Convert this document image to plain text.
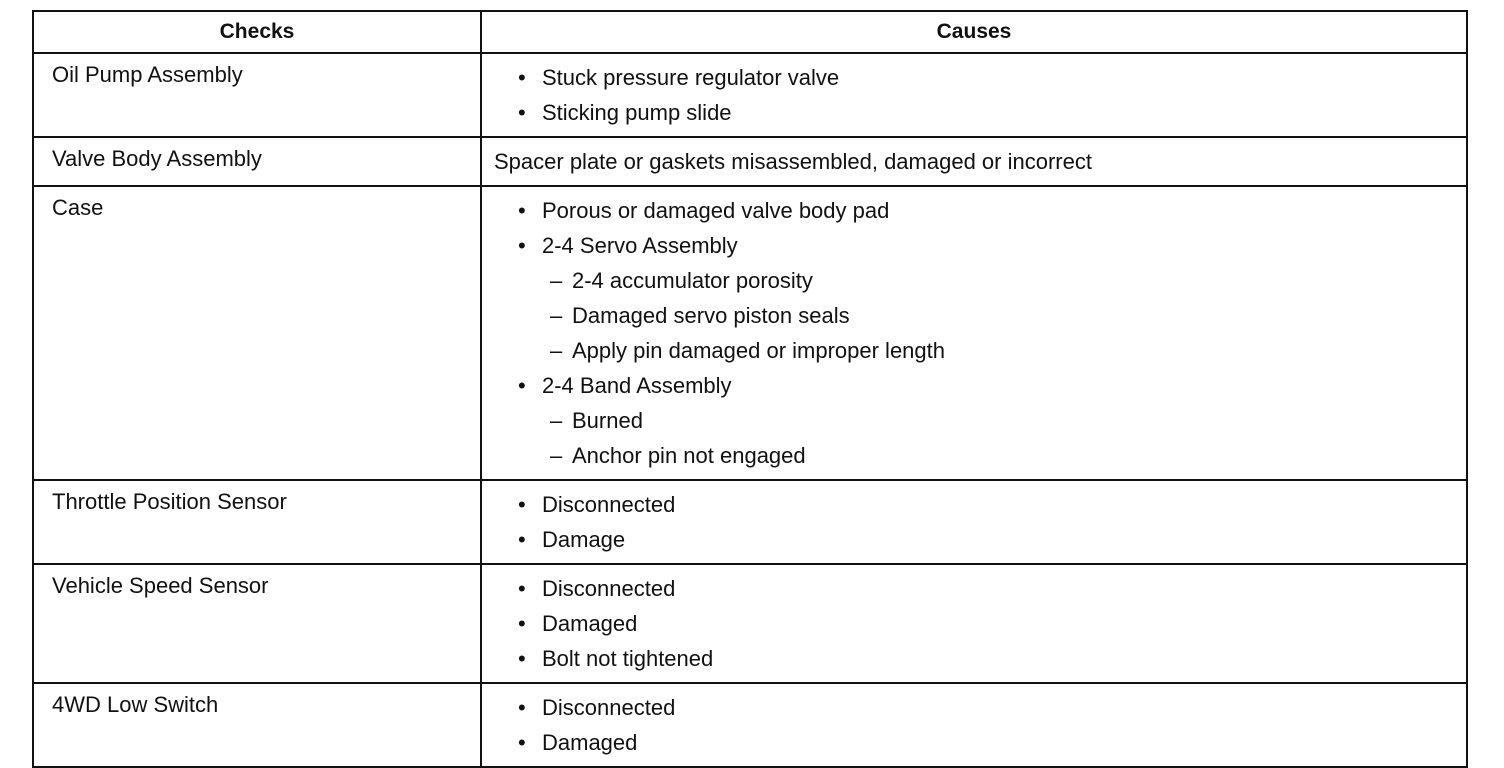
Checks	Causes
Oil Pump Assembly	• Stuck pressure regulator valve
• Sticking pump slide
Valve Body Assembly	Spacer plate or gaskets misassembled, damaged or incorrect
Case	• Porous or damaged valve body pad
• 2-4 Servo Assembly
– 2-4 accumulator porosity
– Damaged servo piston seals
– Apply pin damaged or improper length
• 2-4 Band Assembly
– Burned
– Anchor pin not engaged
Throttle Position Sensor	• Disconnected
• Damage
Vehicle Speed Sensor	• Disconnected
• Damaged
• Bolt not tightened
4WD Low Switch	• Disconnected
• Damaged
